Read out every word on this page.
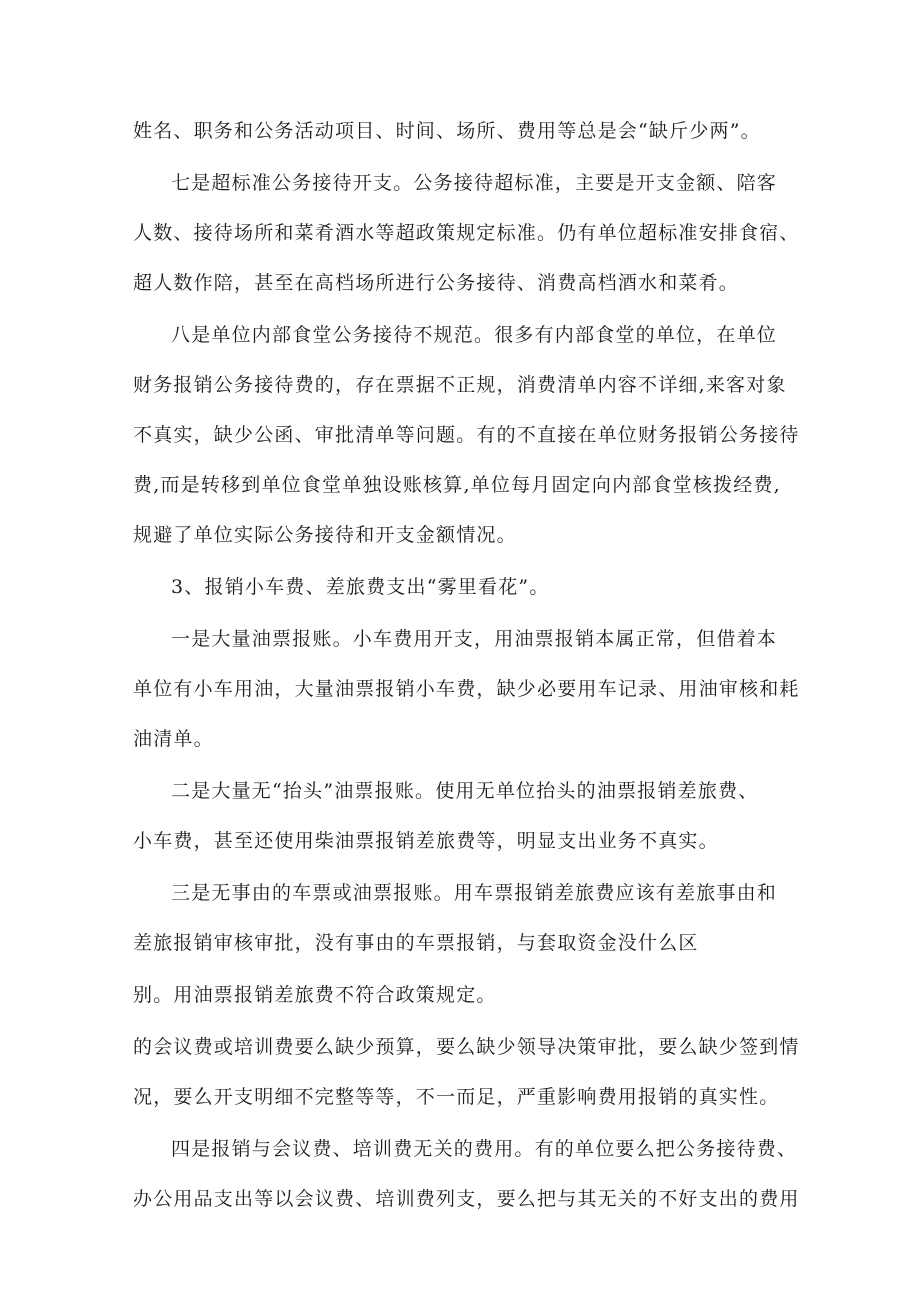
姓名、职务和公务活动项目、时间、场所、费用等总是会“缺斤少两”。

七是超标准公务接待开支。公务接待超标准，主要是开支金额、陪客

人数、接待场所和菜肴酒水等超政策规定标准。仍有单位超标准安排食宿、

超人数作陪，甚至在高档场所进行公务接待、消费高档酒水和菜肴。

八是单位内部食堂公务接待不规范。很多有内部食堂的单位，在单位

财务报销公务接待费的，存在票据不正规，消费清单内容不详细,来客对象

不真实，缺少公函、审批清单等问题。有的不直接在单位财务报销公务接待

费,而是转移到单位食堂单独设账核算,单位每月固定向内部食堂核拨经费,

规避了单位实际公务接待和开支金额情况。

3、报销小车费、差旅费支出“雾里看花”。

一是大量油票报账。小车费用开支，用油票报销本属正常，但借着本

单位有小车用油，大量油票报销小车费，缺少必要用车记录、用油审核和耗

油清单。

二是大量无“抬头”油票报账。使用无单位抬头的油票报销差旅费、

小车费，甚至还使用柴油票报销差旅费等，明显支出业务不真实。

三是无事由的车票或油票报账。用车票报销差旅费应该有差旅事由和

差旅报销审核审批，没有事由的车票报销，与套取资金没什么区

别。用油票报销差旅费不符合政策规定。

的会议费或培训费要么缺少预算，要么缺少领导决策审批，要么缺少签到情

况，要么开支明细不完整等等，不一而足，严重影响费用报销的真实性。

四是报销与会议费、培训费无关的费用。有的单位要么把公务接待费、

办公用品支出等以会议费、培训费列支，要么把与其无关的不好支出的费用
